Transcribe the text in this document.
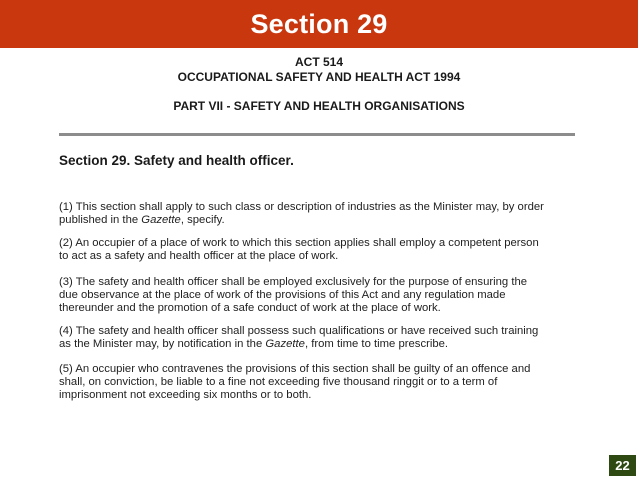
Section 29
ACT 514
OCCUPATIONAL SAFETY AND HEALTH ACT 1994
PART VII - SAFETY AND HEALTH ORGANISATIONS
Section 29. Safety and health officer.
(1) This section shall apply to such class or description of industries as the Minister may, by order
published in the Gazette, specify.
(2) An occupier of a place of work to which this section applies shall employ a competent person
to act as a safety and health officer at the place of work.
(3) The safety and health officer shall be employed exclusively for the purpose of ensuring the
due observance at the place of work of the provisions of this Act and any regulation made
thereunder and the promotion of a safe conduct of work at the place of work.
(4) The safety and health officer shall possess such qualifications or have received such training
as the Minister may, by notification in the Gazette, from time to time prescribe.
(5) An occupier who contravenes the provisions of this section shall be guilty of an offence and
shall, on conviction, be liable to a fine not exceeding five thousand ringgit or to a term of
imprisonment not exceeding six months or to both.
22
